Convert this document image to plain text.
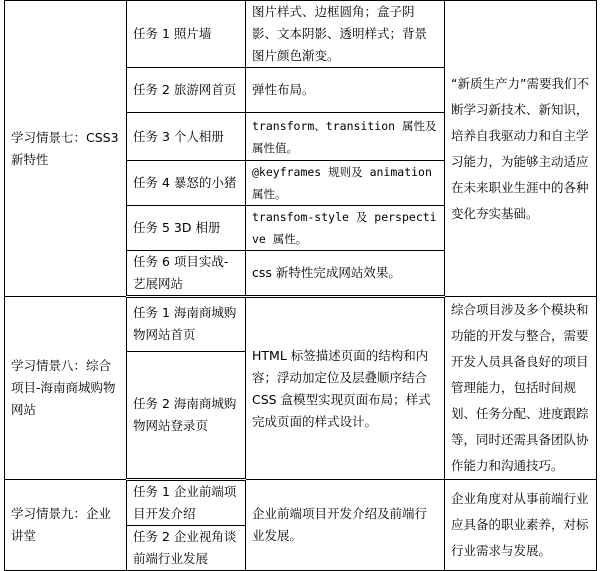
学习情景七：CSS3新特性	任务 1 照片墙	图片样式、边框圆角；盒子阴影、文本阴影、透明样式；背景图片颜色渐变。	“新质生产力”需要我们不断学习新技术、新知识，培养自我驱动力和自主学习能力，为能够主动适应在未来职业生涯中的各种变化夯实基础。
	任务 2 旅游网首页	弹性布局。	
	任务 3 个人相册	transform、transition 属性及属性值。	
	任务 4 暴怒的小猪	@keyframes 规则及 animation属性。	
	任务 5 3D 相册	transfom-style 及 perspective 属性。	
	任务 6 项目实战-艺展网站	css 新特性完成网站效果。	
学习情景八：综合项目-海南商城购物网站	任务 1 海南商城购物网站首页	HTML 标签描述页面的结构和内容；浮动加定位及层叠顺序结合 CSS 盒模型实现页面布局；样式完成页面的样式设计。	综合项目涉及多个模块和功能的开发与整合，需要开发人员具备良好的项目管理能力，包括时间规划、任务分配、进度跟踪等，同时还需具备团队协作能力和沟通技巧。
	任务 2 海南商城购物网站登录页		
学习情景九：企业讲堂	任务 1 企业前端项目开发介绍	企业前端项目开发介绍及前端行业发展。	企业角度对从事前端行业应具备的职业素养，对标行业需求与发展。
	任务 2 企业视角谈前端行业发展		
